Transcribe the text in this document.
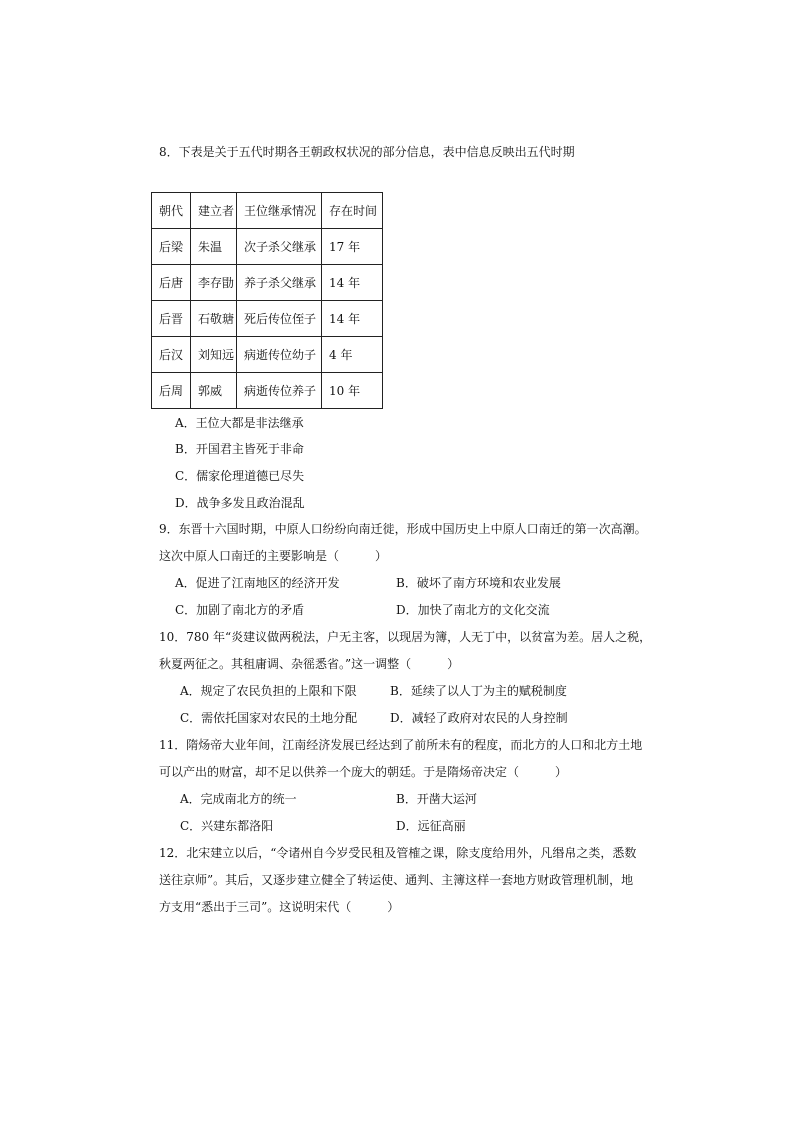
8．下表是关于五代时期各王朝政权状况的部分信息，表中信息反映出五代时期
朝代	建立者	王位继承情况	存在时间
后梁	朱温	次子杀父继承	17 年
后唐	李存勖	养子杀父继承	14 年
后晋	石敬瑭	死后传位侄子	14 年
后汉	刘知远	病逝传位幼子	4 年
后周	郭威	病逝传位养子	10 年
A．王位大都是非法继承
B．开国君主皆死于非命
C．儒家伦理道德已尽失
D．战争多发且政治混乱
9．东晋十六国时期，中原人口纷纷向南迁徙，形成中国历史上中原人口南迁的第一次高潮。
这次中原人口南迁的主要影响是（　　　）
A．促进了江南地区的经济开发	B．破坏了南方环境和农业发展
C．加剧了南北方的矛盾	D．加快了南北方的文化交流
10．780 年“炎建议做两税法，户无主客，以现居为簿，人无丁中，以贫富为差。居人之税，
秋夏两征之。其租庸调、杂徭悉省。”这一调整（　　　）
A．规定了农民负担的上限和下限	B．延续了以人丁为主的赋税制度
C．需依托国家对农民的土地分配	D．减轻了政府对农民的人身控制
11．隋炀帝大业年间，江南经济发展已经达到了前所未有的程度，而北方的人口和北方土地
可以产出的财富，却不足以供养一个庞大的朝廷。于是隋炀帝决定（　　　）
A．完成南北方的统一	B．开凿大运河
C．兴建东都洛阳	D．远征高丽
12．北宋建立以后，“令诸州自今岁受民租及管榷之课，除支度给用外，凡缗帛之类，悉数
送往京师”。其后，又逐步建立健全了转运使、通判、主簿这样一套地方财政管理机制，地
方支用“悉出于三司”。这说明宋代（　　　）
